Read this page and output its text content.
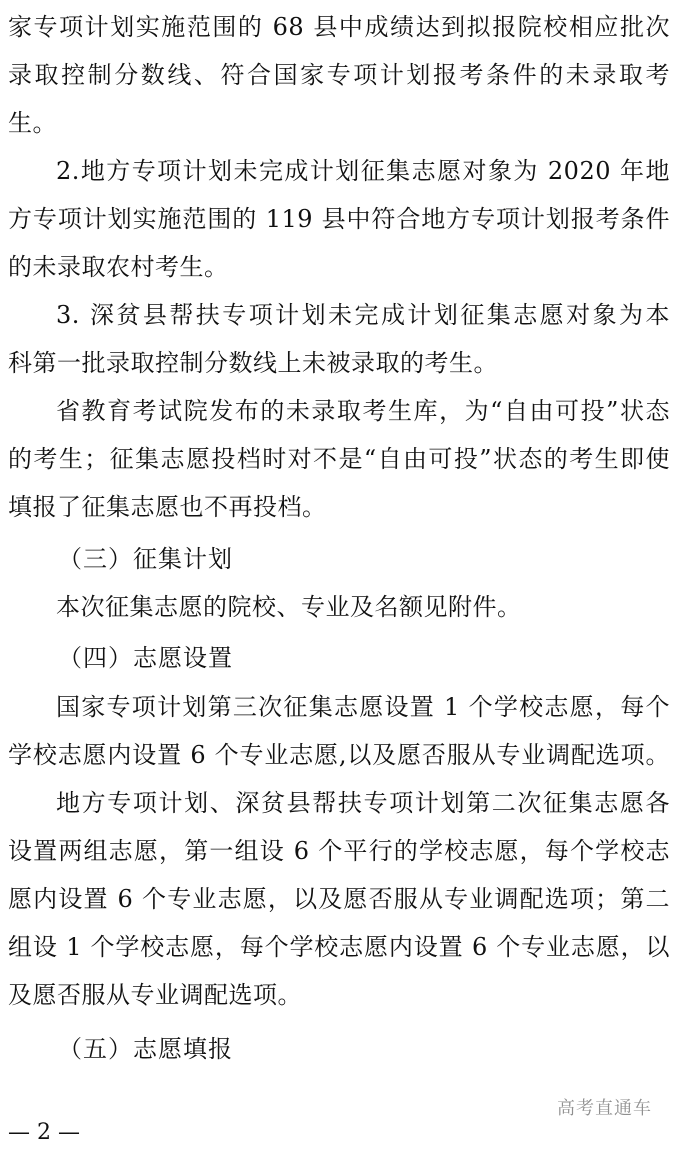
家专项计划实施范围的 68 县中成绩达到拟报院校相应批次
录取控制分数线、符合国家专项计划报考条件的未录取考
生。
2.地方专项计划未完成计划征集志愿对象为 2020 年地
方专项计划实施范围的 119 县中符合地方专项计划报考条件
的未录取农村考生。
3. 深贫县帮扶专项计划未完成计划征集志愿对象为本
科第一批录取控制分数线上未被录取的考生。
省教育考试院发布的未录取考生库，为“自由可投”状态
的考生；征集志愿投档时对不是“自由可投”状态的考生即使
填报了征集志愿也不再投档。
（三）征集计划
本次征集志愿的院校、专业及名额见附件。
（四）志愿设置
国家专项计划第三次征集志愿设置 1 个学校志愿，每个
学校志愿内设置 6 个专业志愿,以及愿否服从专业调配选项。
地方专项计划、深贫县帮扶专项计划第二次征集志愿各
设置两组志愿，第一组设 6 个平行的学校志愿，每个学校志
愿内设置 6 个专业志愿，以及愿否服从专业调配选项；第二
组设 1 个学校志愿，每个学校志愿内设置 6 个专业志愿，以
及愿否服从专业调配选项。
（五）志愿填报
— 2 —
高考直通车
